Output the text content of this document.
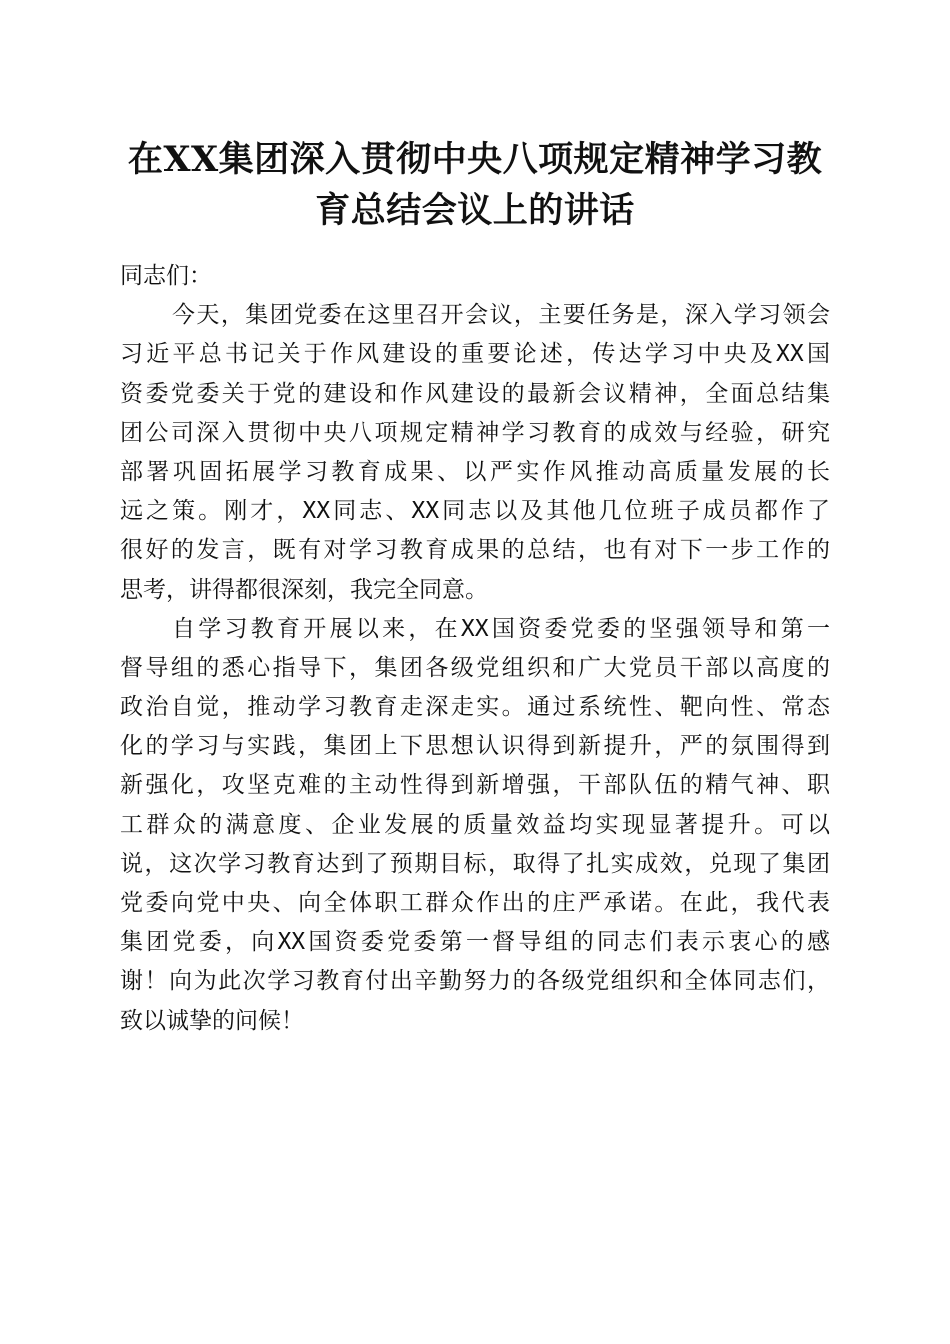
在XX集团深入贯彻中央八项规定精神学习教
育总结会议上的讲话
同志们：
今天，集团党委在这里召开会议，主要任务是，深入学习领会
习近平总书记关于作风建设的重要论述，传达学习中央及XX国
资委党委关于党的建设和作风建设的最新会议精神，全面总结集
团公司深入贯彻中央八项规定精神学习教育的成效与经验，研究
部署巩固拓展学习教育成果、以严实作风推动高质量发展的长
远之策。刚才，XX同志、XX同志以及其他几位班子成员都作了
很好的发言，既有对学习教育成果的总结，也有对下一步工作的
思考，讲得都很深刻，我完全同意。
自学习教育开展以来，在XX国资委党委的坚强领导和第一
督导组的悉心指导下，集团各级党组织和广大党员干部以高度的
政治自觉，推动学习教育走深走实。通过系统性、靶向性、常态
化的学习与实践，集团上下思想认识得到新提升，严的氛围得到
新强化，攻坚克难的主动性得到新增强，干部队伍的精气神、职
工群众的满意度、企业发展的质量效益均实现显著提升。可以
说，这次学习教育达到了预期目标，取得了扎实成效，兑现了集团
党委向党中央、向全体职工群众作出的庄严承诺。在此，我代表
集团党委，向XX国资委党委第一督导组的同志们表示衷心的感
谢！向为此次学习教育付出辛勤努力的各级党组织和全体同志们，
致以诚挚的问候！
